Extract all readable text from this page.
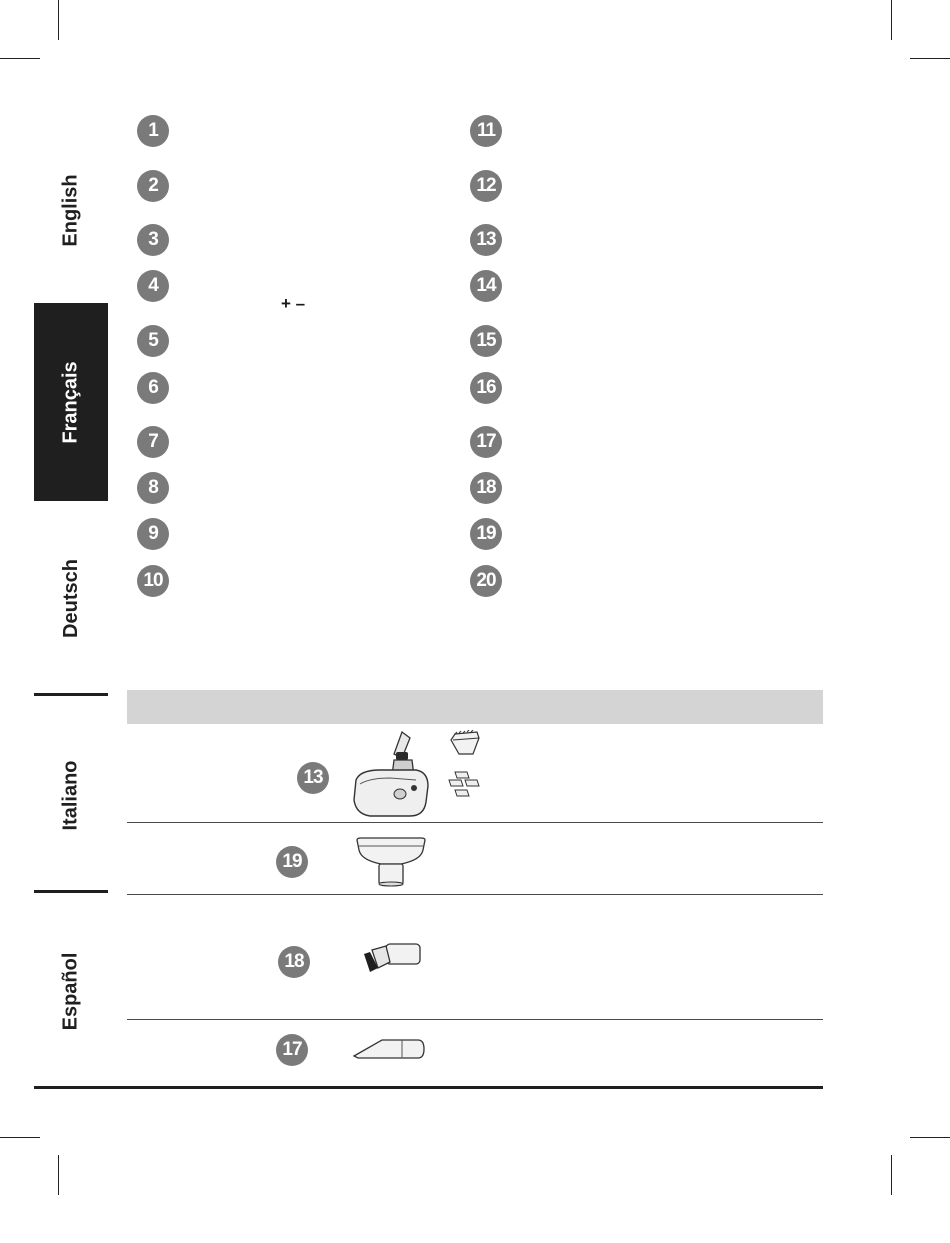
English
Français
Deutsch
Italiano
Español
1
2
3
4
5
6
7
8
9
10
+ –
11
12
13
14
15
16
17
18
19
20
13
19
18
17
